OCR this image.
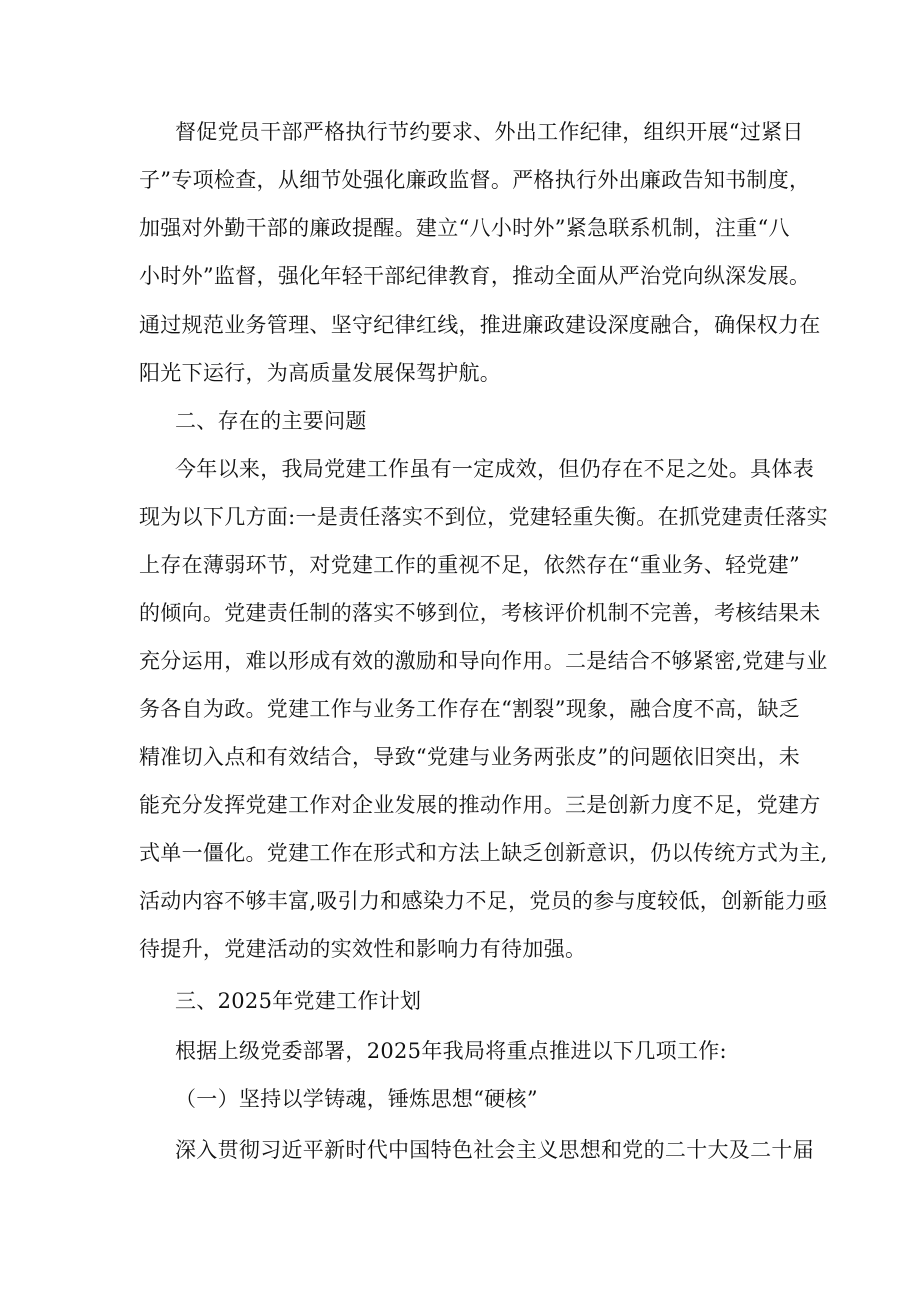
督促党员干部严格执行节约要求、外出工作纪律，组织开展“过紧日
子”专项检查，从细节处强化廉政监督。严格执行外出廉政告知书制度，
加强对外勤干部的廉政提醒。建立“八小时外”紧急联系机制，注重“八
小时外”监督，强化年轻干部纪律教育，推动全面从严治党向纵深发展。
通过规范业务管理、坚守纪律红线，推进廉政建设深度融合，确保权力在
阳光下运行，为高质量发展保驾护航。
二、存在的主要问题
今年以来，我局党建工作虽有一定成效，但仍存在不足之处。具体表
现为以下几方面:一是责任落实不到位，党建轻重失衡。在抓党建责任落实
上存在薄弱环节，对党建工作的重视不足，依然存在“重业务、轻党建”
的倾向。党建责任制的落实不够到位，考核评价机制不完善，考核结果未
充分运用，难以形成有效的激励和导向作用。二是结合不够紧密,党建与业
务各自为政。党建工作与业务工作存在“割裂”现象，融合度不高，缺乏
精准切入点和有效结合，导致“党建与业务两张皮”的问题依旧突出，未
能充分发挥党建工作对企业发展的推动作用。三是创新力度不足，党建方
式单一僵化。党建工作在形式和方法上缺乏创新意识，仍以传统方式为主,
活动内容不够丰富,吸引力和感染力不足，党员的参与度较低，创新能力亟
待提升，党建活动的实效性和影响力有待加强。
三、2025年党建工作计划
根据上级党委部署，2025年我局将重点推进以下几项工作:
（一）坚持以学铸魂，锤炼思想“硬核”
深入贯彻习近平新时代中国特色社会主义思想和党的二十大及二十届
